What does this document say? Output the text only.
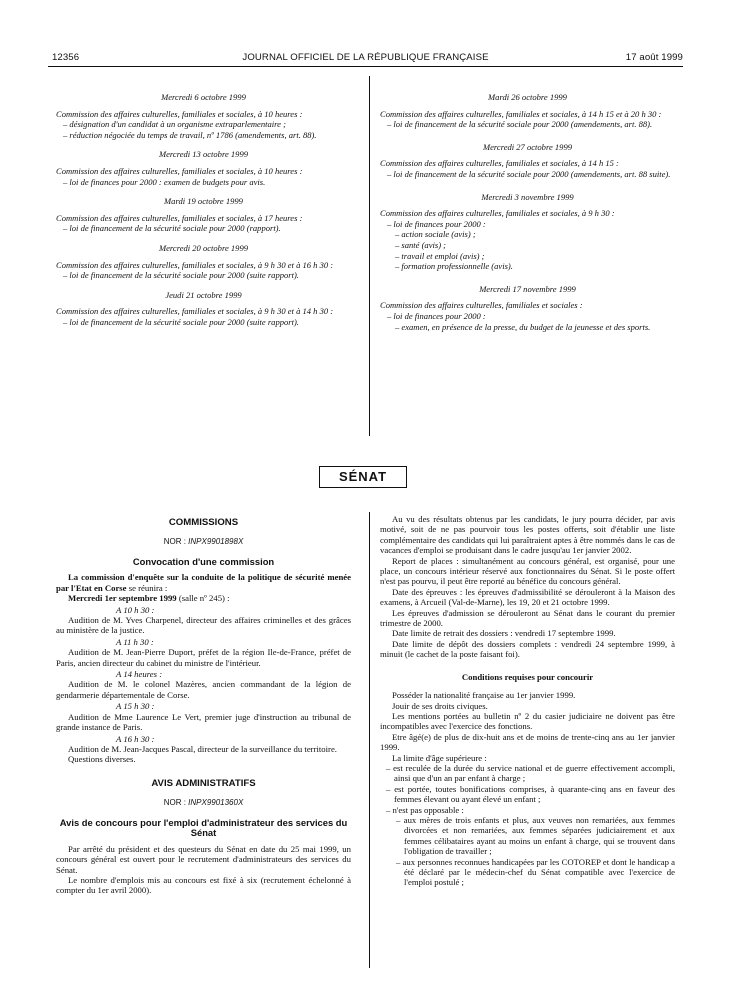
12356	JOURNAL OFFICIEL DE LA RÉPUBLIQUE FRANÇAISE	17 août 1999
Mercredi 6 octobre 1999

Commission des affaires culturelles, familiales et sociales, à 10 heures :

– désignation d'un candidat à un organisme extraparlementaire ;

– réduction négociée du temps de travail, nº 1786 (amendements, art. 88).

Mercredi 13 octobre 1999

Commission des affaires culturelles, familiales et sociales, à 10 heures :

– loi de finances pour 2000 : examen de budgets pour avis.

Mardi 19 octobre 1999

Commission des affaires culturelles, familiales et sociales, à 17 heures :

– loi de financement de la sécurité sociale pour 2000 (rapport).

Mercredi 20 octobre 1999

Commission des affaires culturelles, familiales et sociales, à 9 h 30 et à 16 h 30 :

– loi de financement de la sécurité sociale pour 2000 (suite rapport).

Jeudi 21 octobre 1999

Commission des affaires culturelles, familiales et sociales, à 9 h 30 et à 14 h 30 :

– loi de financement de la sécurité sociale pour 2000 (suite rapport).

Mardi 26 octobre 1999

Commission des affaires culturelles, familiales et sociales, à 14 h 15 et à 20 h 30 :

– loi de financement de la sécurité sociale pour 2000 (amendements, art. 88).

Mercredi 27 octobre 1999

Commission des affaires culturelles, familiales et sociales, à 14 h 15 :

– loi de financement de la sécurité sociale pour 2000 (amendements, art. 88 suite).

Mercredi 3 novembre 1999

Commission des affaires culturelles, familiales et sociales, à 9 h 30 :

– loi de finances pour 2000 :

– action sociale (avis) ;

– santé (avis) ;

– travail et emploi (avis) ;

– formation professionnelle (avis).

Mercredi 17 novembre 1999

Commission des affaires culturelles, familiales et sociales :

– loi de finances pour 2000 :

– examen, en présence de la presse, du budget de la jeunesse et des sports.

SÉNAT
COMMISSIONS
NOR : INPX9901898X
Convocation d'une commission

La commission d'enquête sur la conduite de la politique de sécurité menée par l'Etat en Corse se réunira :

Mercredi 1er septembre 1999 (salle nº 245) :

A 10 h 30 :

Audition de M. Yves Charpenel, directeur des affaires criminelles et des grâces au ministère de la justice.

A 11 h 30 :

Audition de M. Jean-Pierre Duport, préfet de la région Ile-de-France, préfet de Paris, ancien directeur du cabinet du ministre de l'intérieur.

A 14 heures :

Audition de M. le colonel Mazères, ancien commandant de la légion de gendarmerie départementale de Corse.

A 15 h 30 :

Audition de Mme Laurence Le Vert, premier juge d'instruction au tribunal de grande instance de Paris.

A 16 h 30 :

Audition de M. Jean-Jacques Pascal, directeur de la surveillance du territoire.

Questions diverses.

AVIS ADMINISTRATIFS
NOR : INPX9901360X
Avis de concours pour l'emploi d'administrateur des services du Sénat

Par arrêté du président et des questeurs du Sénat en date du 25 mai 1999, un concours général est ouvert pour le recrutement d'administrateurs des services du Sénat.

Le nombre d'emplois mis au concours est fixé à six (recrutement échelonné à compter du 1er avril 2000).

Au vu des résultats obtenus par les candidats, le jury pourra décider, par avis motivé, soit de ne pas pourvoir tous les postes offerts, soit d'établir une liste complémentaire des candidats qui lui paraîtraient aptes à être nommés dans le cas de vacances d'emploi se produisant dans le cadre jusqu'au 1er janvier 2002.

Report de places : simultanément au concours général, est organisé, pour une place, un concours intérieur réservé aux fonctionnaires du Sénat. Si le poste offert n'est pas pourvu, il peut être reporté au bénéfice du concours général.

Date des épreuves : les épreuves d'admissibilité se dérouleront à la Maison des examens, à Arcueil (Val-de-Marne), les 19, 20 et 21 octobre 1999.

Les épreuves d'admission se dérouleront au Sénat dans le courant du premier trimestre de 2000.

Date limite de retrait des dossiers : vendredi 17 septembre 1999.

Date limite de dépôt des dossiers complets : vendredi 24 septembre 1999, à minuit (le cachet de la poste faisant foi).

Conditions requises pour concourir

Posséder la nationalité française au 1er janvier 1999.

Jouir de ses droits civiques.

Les mentions portées au bulletin nº 2 du casier judiciaire ne doivent pas être incompatibles avec l'exercice des fonctions.

Etre âgé(e) de plus de dix-huit ans et de moins de trente-cinq ans au 1er janvier 1999.

La limite d'âge supérieure :

– est reculée de la durée du service national et de guerre effectivement accompli, ainsi que d'un an par enfant à charge ;

– est portée, toutes bonifications comprises, à quarante-cinq ans en faveur des femmes élevant ou ayant élevé un enfant ;

– n'est pas opposable :

– aux mères de trois enfants et plus, aux veuves non remariées, aux femmes divorcées et non remariées, aux femmes séparées judiciairement et aux femmes célibataires ayant au moins un enfant à charge, qui se trouvent dans l'obligation de travailler ;

– aux personnes reconnues handicapées par les COTOREP et dont le handicap a été déclaré par le médecin-chef du Sénat compatible avec l'exercice de l'emploi postulé ;
